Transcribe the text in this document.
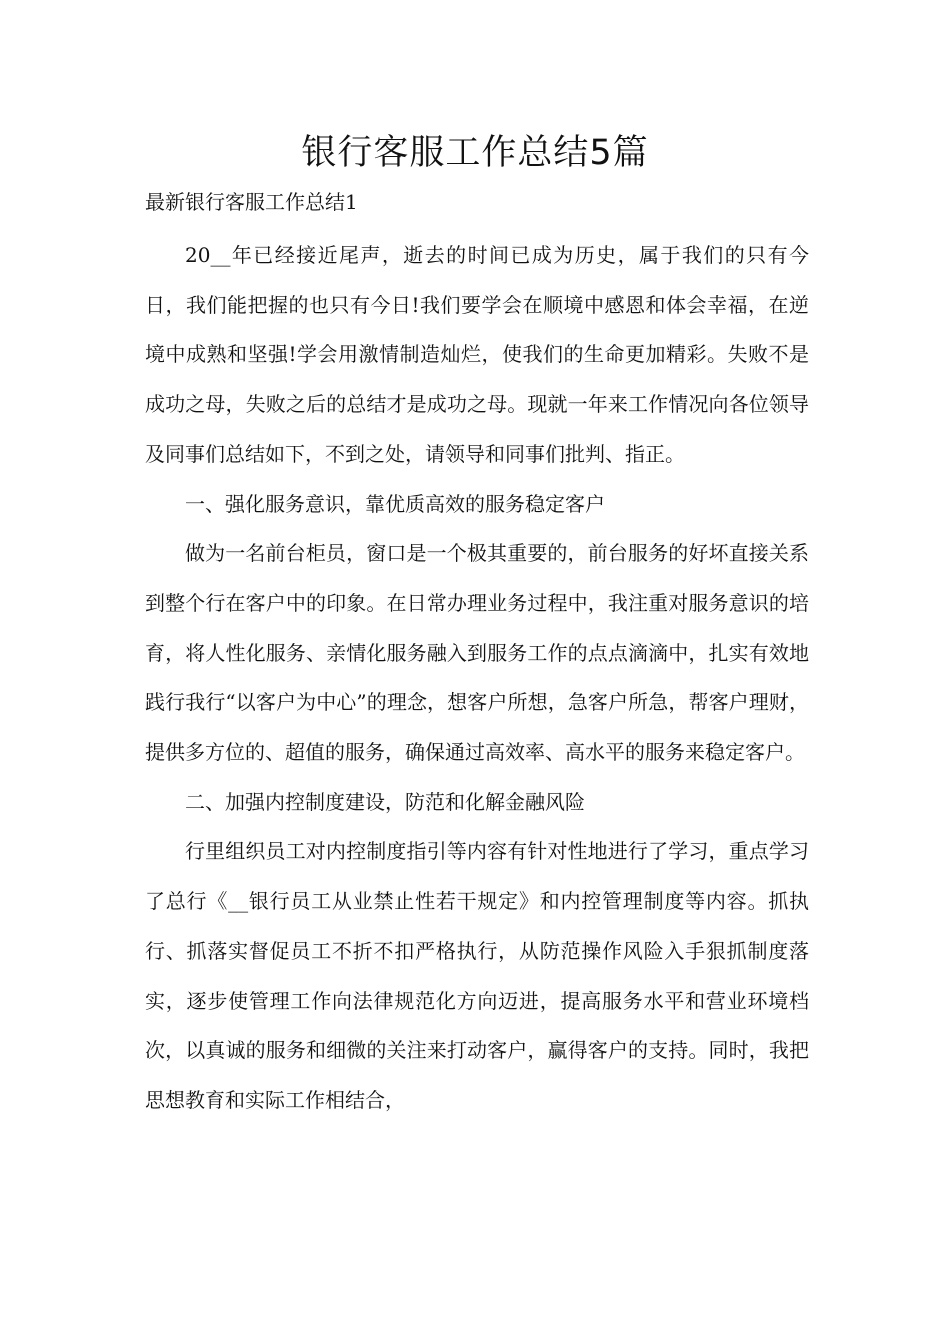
银行客服工作总结5篇

最新银行客服工作总结1

20__年已经接近尾声，逝去的时间已成为历史，属于我们的只有今日，我们能把握的也只有今日!我们要学会在顺境中感恩和体会幸福，在逆境中成熟和坚强!学会用激情制造灿烂，使我们的生命更加精彩。失败不是成功之母，失败之后的总结才是成功之母。现就一年来工作情况向各位领导及同事们总结如下，不到之处，请领导和同事们批判、指正。

一、强化服务意识，靠优质高效的服务稳定客户

做为一名前台柜员，窗口是一个极其重要的，前台服务的好坏直接关系到整个行在客户中的印象。在日常办理业务过程中，我注重对服务意识的培育，将人性化服务、亲情化服务融入到服务工作的点点滴滴中，扎实有效地践行我行“以客户为中心”的理念，想客户所想，急客户所急，帮客户理财，提供多方位的、超值的服务，确保通过高效率、高水平的服务来稳定客户。

二、加强内控制度建设，防范和化解金融风险

行里组织员工对内控制度指引等内容有针对性地进行了学习，重点学习了总行《__银行员工从业禁止性若干规定》和内控管理制度等内容。抓执行、抓落实督促员工不折不扣严格执行，从防范操作风险入手狠抓制度落实，逐步使管理工作向法律规范化方向迈进，提高服务水平和营业环境档次，以真诚的服务和细微的关注来打动客户，赢得客户的支持。同时，我把思想教育和实际工作相结合，
